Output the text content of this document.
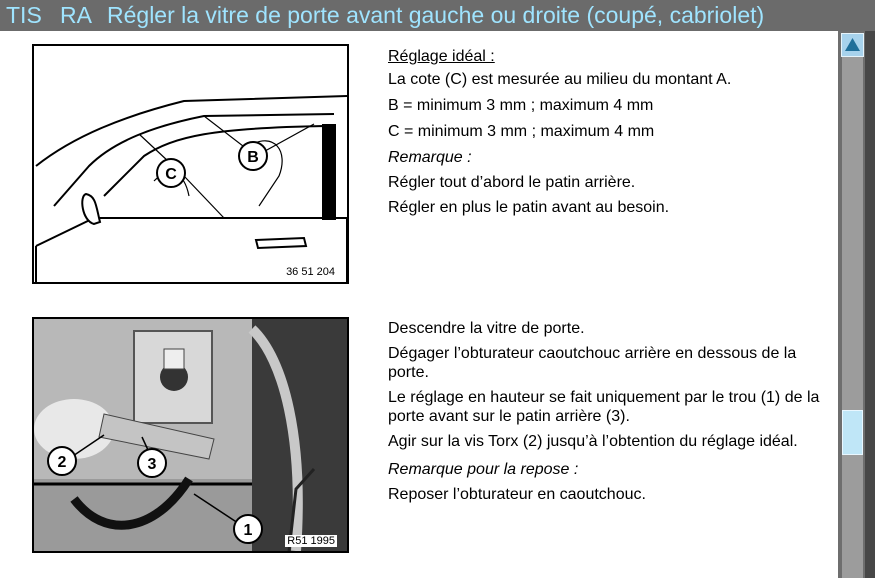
TIS RA Régler la vitre de porte avant gauche ou droite (coupé, cabriolet)
C
B
36 51 204

Réglage idéal :

La cote (C) est mesurée au milieu du montant A.

B = minimum 3 mm ; maximum 4 mm

C = minimum 3 mm ; maximum 4 mm

Remarque :

Régler tout d’abord le patin arrière.

Régler en plus le patin avant au besoin.

2	3
1
R51 1995

Descendre la vitre de porte.

Dégager l’obturateur caoutchouc arrière en dessous de la porte.

Le réglage en hauteur se fait uniquement par le trou (1) de la porte avant sur le patin arrière (3).

Agir sur la vis Torx (2) jusqu’à l’obtention du réglage idéal.

Remarque pour la repose :

Reposer l’obturateur en caoutchouc.
